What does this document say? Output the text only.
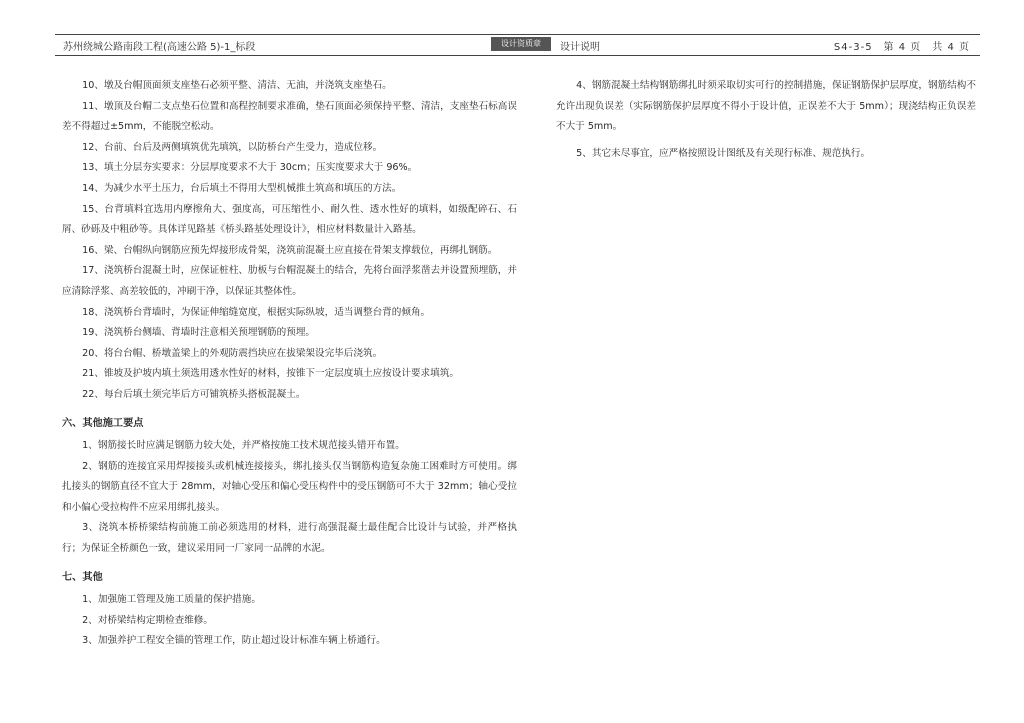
苏州绕城公路南段工程(高速公路 5)-1_标段	设计资质章	设计说明	S4-3-5　第 4 页　共 4 页

10、墩及台帽顶面须支座垫石必须平整、清洁、无油，并浇筑支座垫石。

11、墩顶及台帽二支点垫石位置和高程控制要求准确，垫石顶面必须保持平整、清洁，支座垫石标高误差不得超过±5mm，不能脱空松动。

12、台前、台后及两侧填筑优先填筑，以防桥台产生受力，造成位移。

13、填土分层夯实要求：分层厚度要求不大于 30cm；压实度要求大于 96%。

14、为减少水平土压力，台后填土不得用大型机械推土筑高和填压的方法。

15、台背填料宜选用内摩擦角大、强度高，可压缩性小、耐久性、透水性好的填料，如级配碎石、石屑、砂砾及中粗砂等。具体详见路基《桥头路基处理设计》，相应材料数量计入路基。

16、梁、台帽纵向钢筋应预先焊接形成骨架，浇筑前混凝土应直接在骨架支撑载位，再绑扎钢筋。

17、浇筑桥台混凝土时，应保证桩柱、肋板与台帽混凝土的结合，先将台面浮浆凿去并设置预埋筋，并应清除浮浆、高差较低的，冲刷干净，以保证其整体性。

18、浇筑桥台背墙时，为保证伸缩缝宽度，根据实际纵坡，适当调整台背的倾角。

19、浇筑桥台侧墙、背墙时注意相关预埋钢筋的预埋。

20、将台台帽、桥墩盖梁上的外观防震挡块应在拔梁架设完毕后浇筑。

21、锥坡及护坡内填土须选用透水性好的材料，按锥下一定层度填土应按设计要求填筑。

22、每台后填土须完毕后方可铺筑桥头搭板混凝土。

六、其他施工要点

1、钢筋接长时应满足钢筋力较大处，并严格按施工技术规范接头错开布置。

2、钢筋的连接宜采用焊接接头或机械连接接头，绑扎接头仅当钢筋构造复杂施工困难时方可使用。绑扎接头的钢筋直径不宜大于 28mm，对轴心受压和偏心受压构件中的受压钢筋可不大于 32mm；轴心受拉和小偏心受拉构件不应采用绑扎接头。

3、浇筑本桥桥梁结构前施工前必须选用的材料，进行高强混凝土最佳配合比设计与试验，并严格执行；为保证全桥颜色一致，建议采用同一厂家同一品牌的水泥。

七、其他

1、加强施工管理及施工质量的保护措施。

2、对桥梁结构定期检查维修。

3、加强养护工程安全锚的管理工作，防止超过设计标准车辆上桥通行。

4、钢筋混凝土结构钢筋绑扎时须采取切实可行的控制措施，保证钢筋保护层厚度，钢筋结构不允许出现负误差（实际钢筋保护层厚度不得小于设计值，正误差不大于 5mm）；现浇结构正负误差不大于 5mm。

5、其它未尽事宜，应严格按照设计图纸及有关现行标准、规范执行。
